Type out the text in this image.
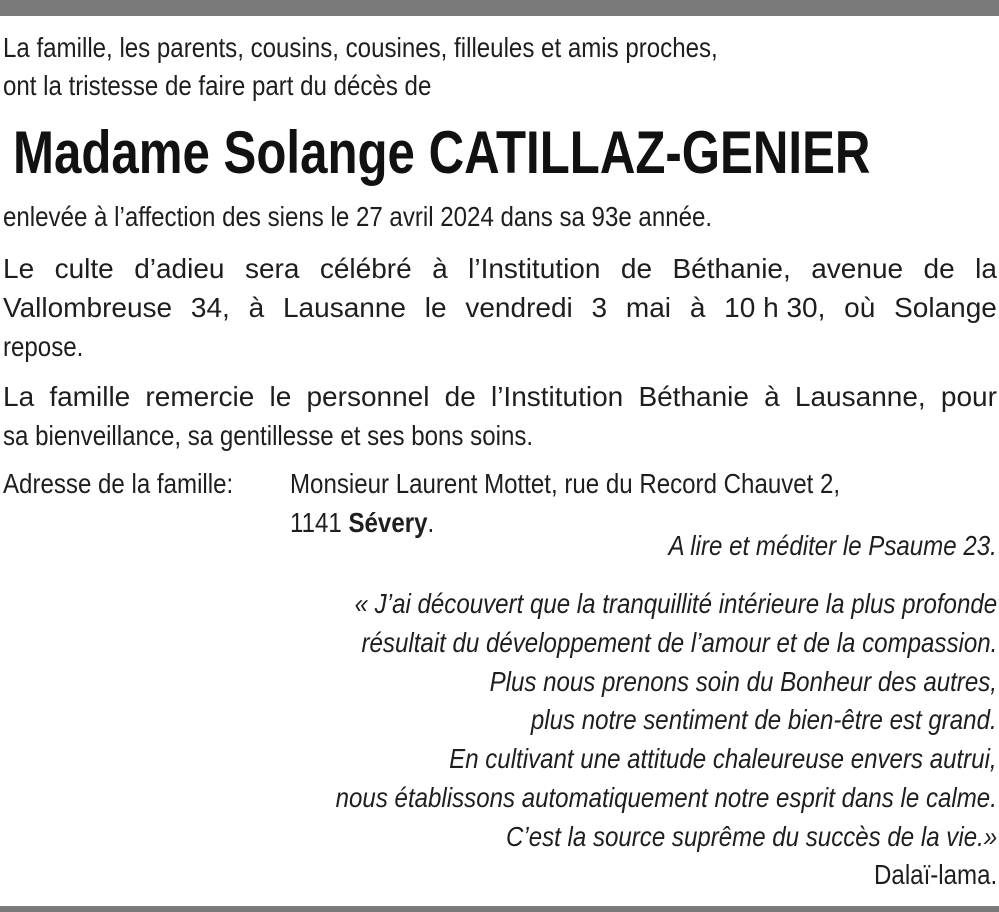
La famille, les parents, cousins, cousines, filleules et amis proches,
ont la tristesse de faire part du décès de
Madame Solange CATILLAZ-GENIER
enlevée à l’affection des siens le 27 avril 2024 dans sa 93e année.
Le culte d’adieu sera célébré à l’Institution de Béthanie, avenue de la
Vallombreuse 34, à Lausanne le vendredi 3 mai à 10 h 30, où Solange
repose.
La famille remercie le personnel de l’Institution Béthanie à Lausanne, pour
sa bienveillance, sa gentillesse et ses bons soins.
Adresse de la famille:	Monsieur Laurent Mottet, rue du Record Chauvet 2,
1141 Sévery.
A lire et méditer le Psaume 23.
« J’ai découvert que la tranquillité intérieure la plus profonde
résultait du développement de l’amour et de la compassion.
Plus nous prenons soin du Bonheur des autres,
plus notre sentiment de bien-être est grand.
En cultivant une attitude chaleureuse envers autrui,
nous établissons automatiquement notre esprit dans le calme.
C’est la source suprême du succès de la vie.»
Dalaï-lama.
